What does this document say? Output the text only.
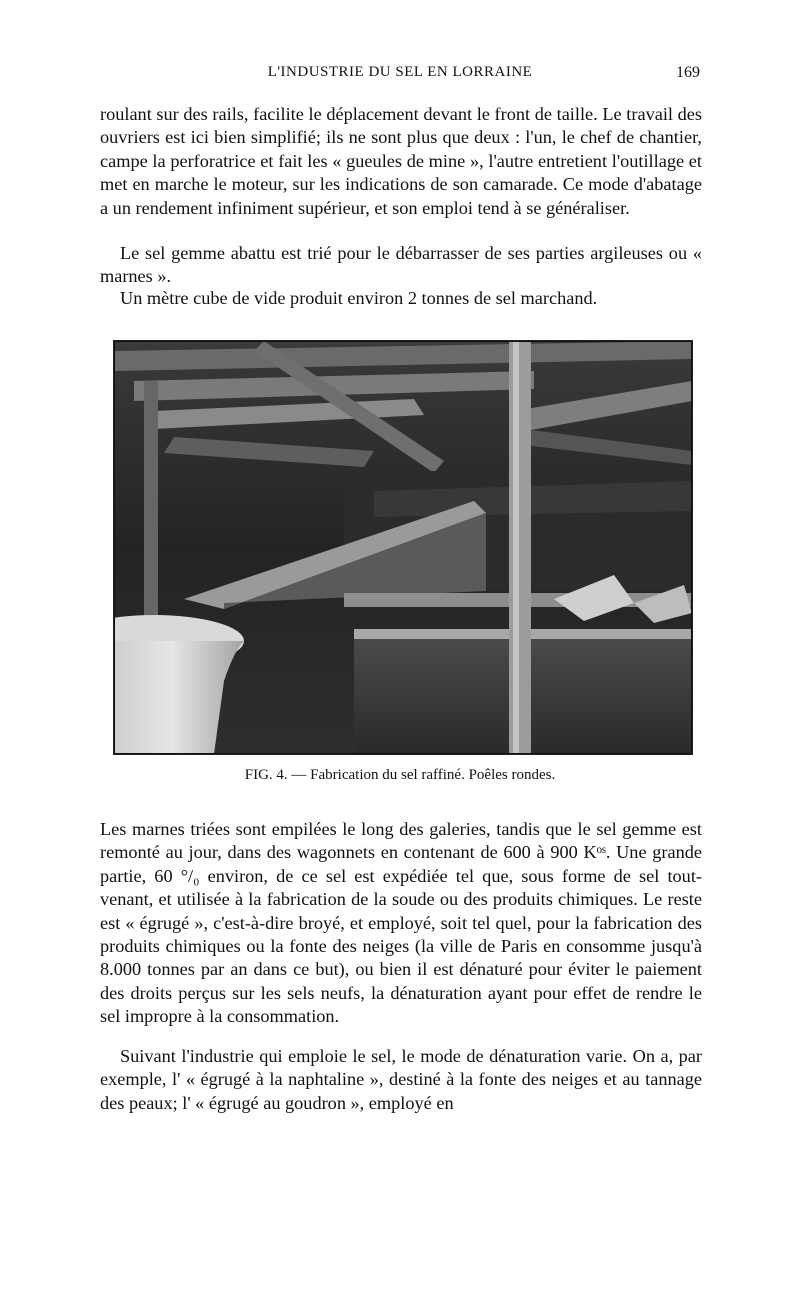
L'INDUSTRIE DU SEL EN LORRAINE	169

roulant sur des rails, facilite le déplacement devant le front de taille. Le travail des ouvriers est ici bien simplifié; ils ne sont plus que deux : l'un, le chef de chantier, campe la perforatrice et fait les « gueules de mine », l'autre entretient l'outillage et met en marche le moteur, sur les indications de son camarade. Ce mode d'abatage a un rendement infiniment supérieur, et son emploi tend à se généraliser.

Le sel gemme abattu est trié pour le débarrasser de ses parties argileuses ou « marnes ».

Un mètre cube de vide produit environ 2 tonnes de sel marchand.

FIG. 4. — Fabrication du sel raffiné. Poêles rondes.

Les marnes triées sont empilées le long des galeries, tandis que le sel gemme est remonté au jour, dans des wagonnets en contenant de 600 à 900 Kᵒˢ. Une grande partie, 60 °/₀ environ, de ce sel est expédiée tel que, sous forme de sel tout-venant, et utilisée à la fabrication de la soude ou des produits chimiques. Le reste est « égrugé », c'est-à-dire broyé, et employé, soit tel quel, pour la fabrication des produits chimiques ou la fonte des neiges (la ville de Paris en consomme jusqu'à 8.000 tonnes par an dans ce but), ou bien il est dénaturé pour éviter le paiement des droits perçus sur les sels neufs, la dénaturation ayant pour effet de rendre le sel impropre à la consommation.

Suivant l'industrie qui emploie le sel, le mode de dénaturation varie. On a, par exemple, l' « égrugé à la naphtaline », destiné à la fonte des neiges et au tannage des peaux; l' « égrugé au goudron », employé en
